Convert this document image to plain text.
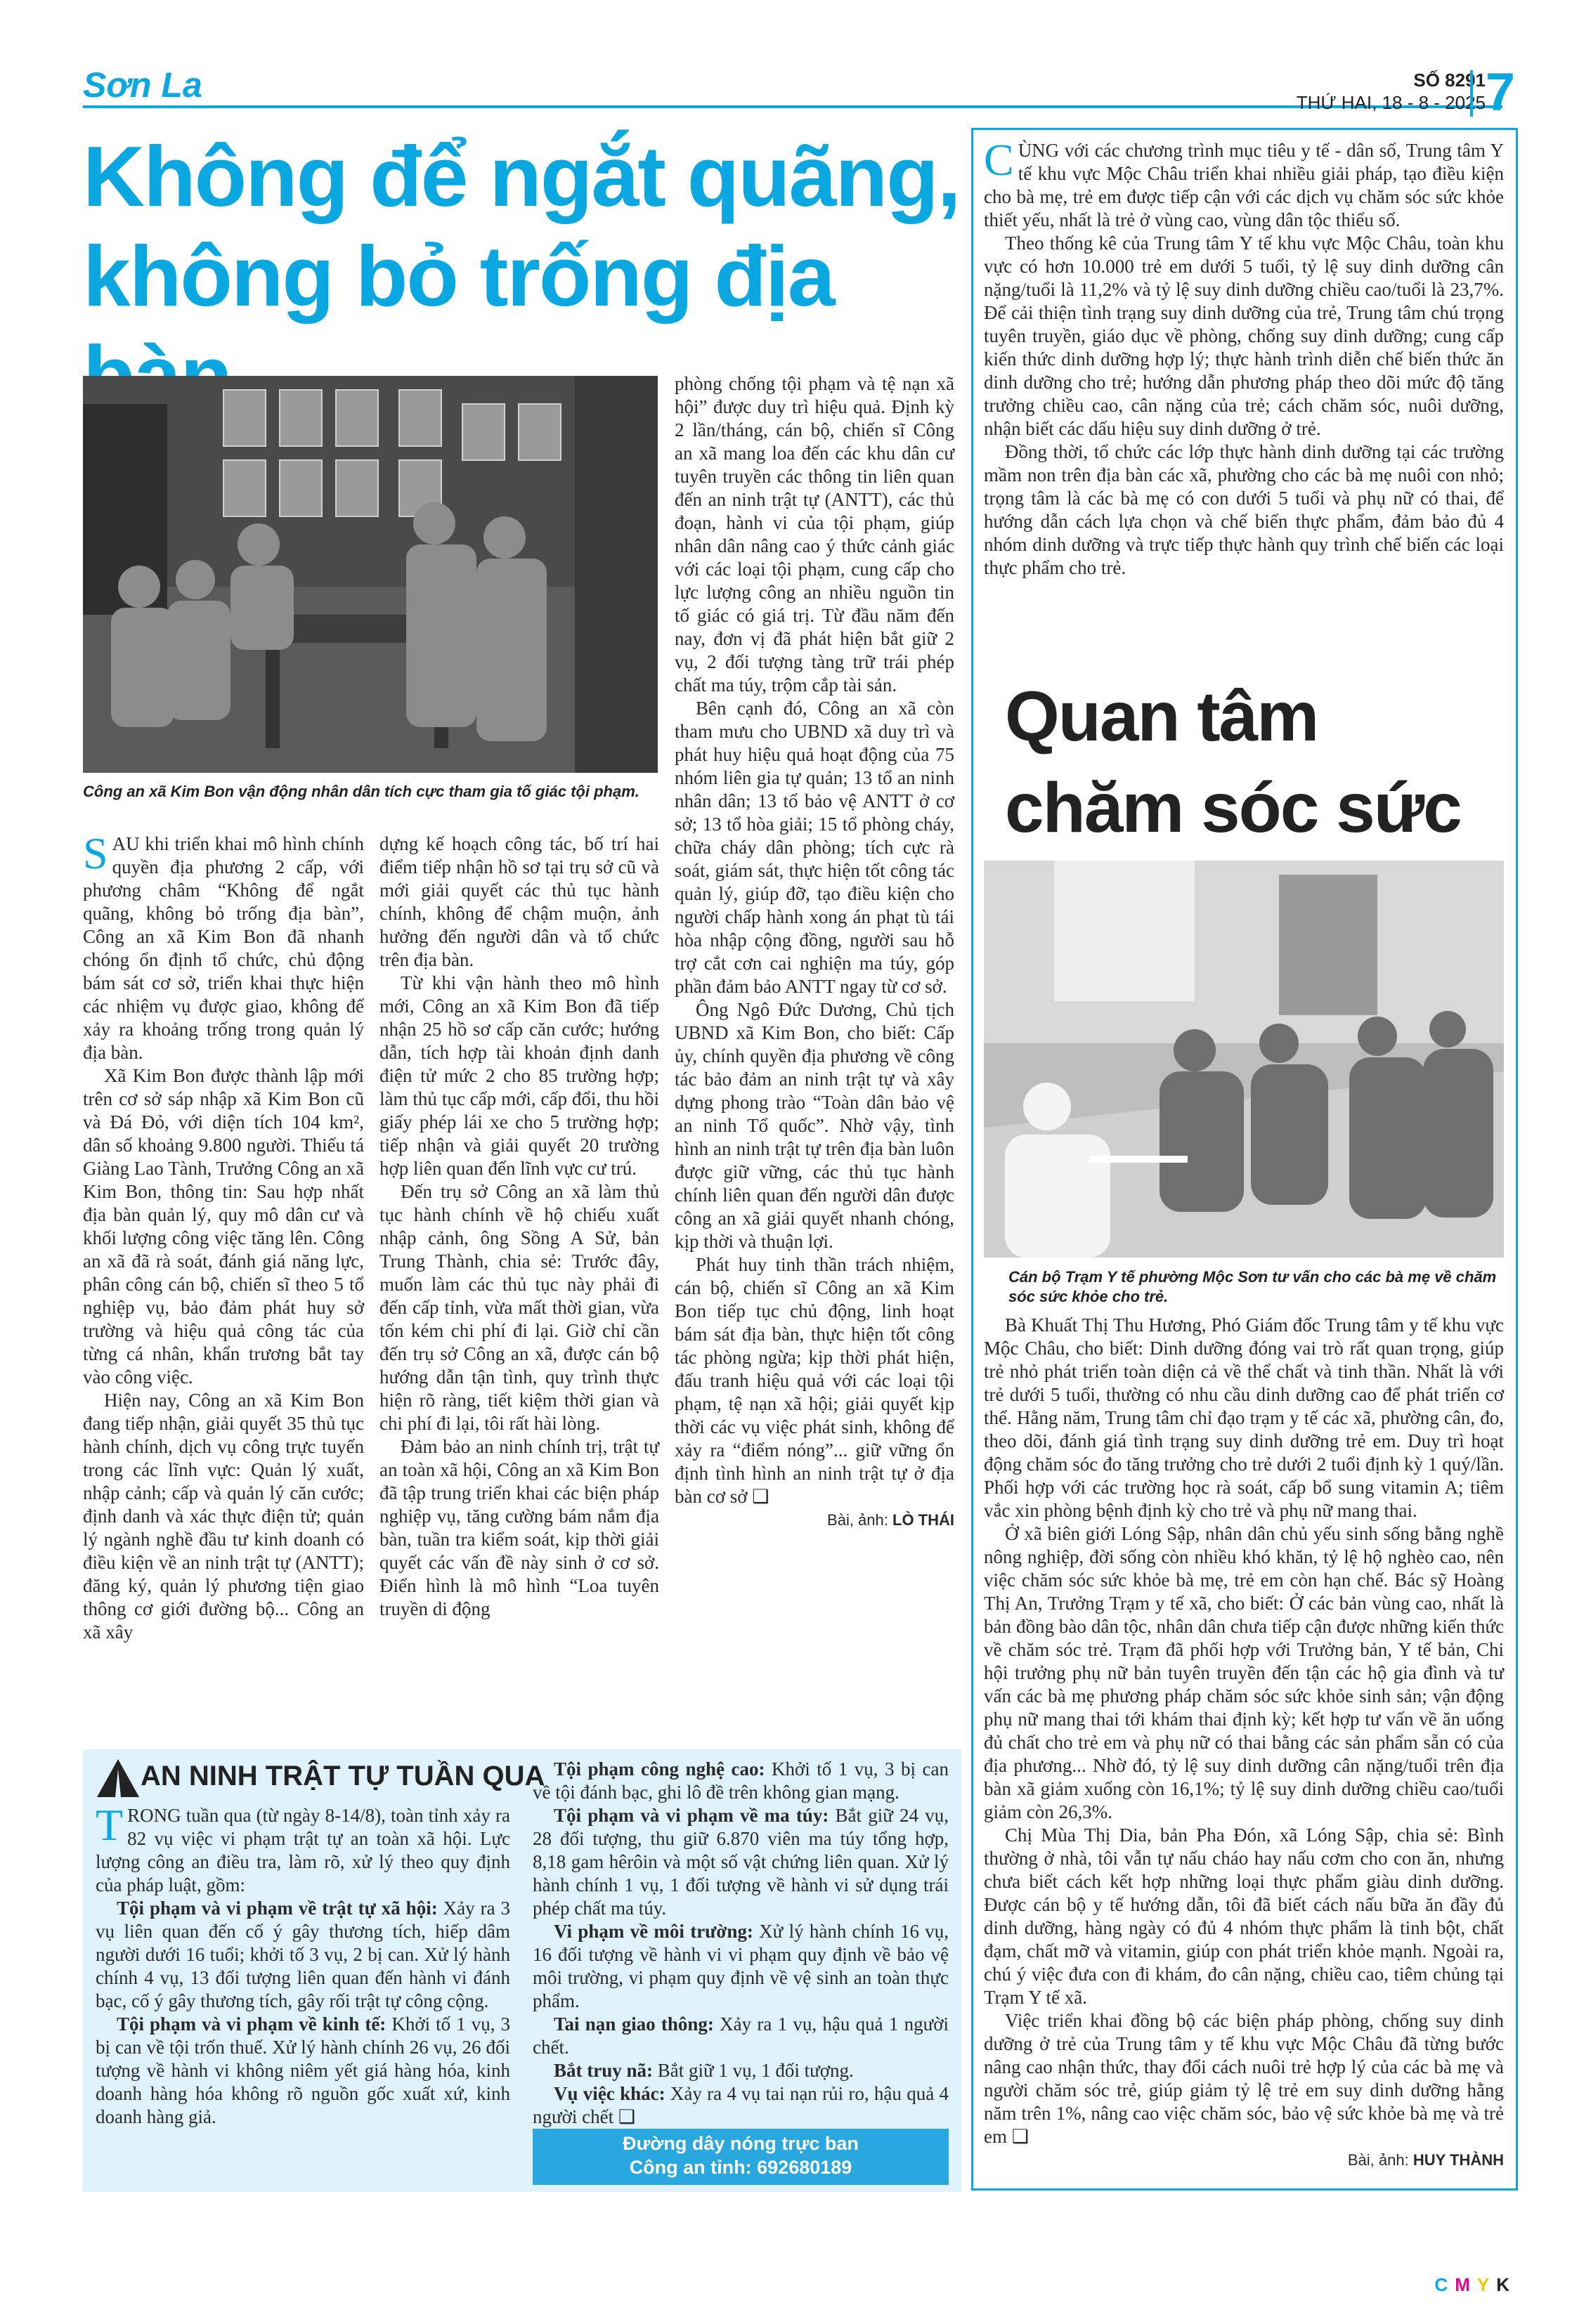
Sơn La	SỐ 8291
THỨ HAI, 18 - 8 - 2025 7
Không để ngắt quãng, không bỏ trống địa
Công an xã Kim Bon vận động nhân dân tích cực tham gia tố giác tội phạm.
S AU khi triển khai mô hình chính quyền địa phương 2 cấp, với phương châm “Không để ngắt quãng, không bỏ trống địa bàn”, Công an xã Kim Bon đã nhanh chóng ổn định tổ chức, chủ động bám sát cơ sở, triển khai thực hiện các nhiệm vụ được giao, không để xảy ra khoảng trống trong quản lý địa bàn.

Xã Kim Bon được thành lập mới trên cơ sở sáp nhập xã Kim Bon cũ và Đá Đỏ, với diện tích 104 km², dân số khoảng 9.800 người. Thiếu tá Giàng Lao Tành, Trưởng Công an xã Kim Bon, thông tin: Sau hợp nhất địa bàn quản lý, quy mô dân cư và khối lượng công việc tăng lên. Công an xã đã rà soát, đánh giá năng lực, phân công cán bộ, chiến sĩ theo 5 tổ nghiệp vụ, bảo đảm phát huy sở trường và hiệu quả công tác của từng cá nhân, khẩn trương bắt tay vào công việc.

Hiện nay, Công an xã Kim Bon đang tiếp nhận, giải quyết 35 thủ tục hành chính, dịch vụ công trực tuyến trong các lĩnh vực: Quản lý xuất, nhập cảnh; cấp và quản lý căn cước; định danh và xác thực điện tử; quản lý ngành nghề đầu tư kinh doanh có điều kiện về an ninh trật tự (ANTT); đăng ký, quản lý phương tiện giao thông cơ giới đường bộ... Công an xã xây

dựng kế hoạch công tác, bố trí hai điểm tiếp nhận hồ sơ tại trụ sở cũ và mới giải quyết các thủ tục hành chính, không để chậm muộn, ảnh hưởng đến người dân và tổ chức trên địa bàn.

Từ khi vận hành theo mô hình mới, Công an xã Kim Bon đã tiếp nhận 25 hồ sơ cấp căn cước; hướng dẫn, tích hợp tài khoản định danh điện tử mức 2 cho 85 trường hợp; làm thủ tục cấp mới, cấp đổi, thu hồi giấy phép lái xe cho 5 trường hợp; tiếp nhận và giải quyết 20 trường hợp liên quan đến lĩnh vực cư trú.

Đến trụ sở Công an xã làm thủ tục hành chính về hộ chiếu xuất nhập cảnh, ông Sồng A Sử, bản Trung Thành, chia sẻ: Trước đây, muốn làm các thủ tục này phải đi đến cấp tỉnh, vừa mất thời gian, vừa tốn kém chi phí đi lại. Giờ chỉ cần đến trụ sở Công an xã, được cán bộ hướng dẫn tận tình, quy trình thực hiện rõ ràng, tiết kiệm thời gian và chi phí đi lại, tôi rất hài lòng.

Đảm bảo an ninh chính trị, trật tự an toàn xã hội, Công an xã Kim Bon đã tập trung triển khai các biện pháp nghiệp vụ, tăng cường bám nắm địa bàn, tuần tra kiểm soát, kịp thời giải quyết các vấn đề này sinh ở cơ sở. Điển hình là mô hình “Loa tuyên truyền di động

phòng chống tội phạm và tệ nạn xã hội” được duy trì hiệu quả. Định kỳ 2 lần/tháng, cán bộ, chiến sĩ Công an xã mang loa đến các khu dân cư tuyên truyền các thông tin liên quan đến an ninh trật tự (ANTT), các thủ đoạn, hành vi của tội phạm, giúp nhân dân nâng cao ý thức cảnh giác với các loại tội phạm, cung cấp cho lực lượng công an nhiều nguồn tin tố giác có giá trị. Từ đầu năm đến nay, đơn vị đã phát hiện bắt giữ 2 vụ, 2 đối tượng tàng trữ trái phép chất ma túy, trộm cắp tài sản.

Bên cạnh đó, Công an xã còn tham mưu cho UBND xã duy trì và phát huy hiệu quả hoạt động của 75 nhóm liên gia tự quản; 13 tổ an ninh nhân dân; 13 tổ bảo vệ ANTT ở cơ sở; 13 tổ hòa giải; 15 tổ phòng cháy, chữa cháy dân phòng; tích cực rà soát, giám sát, thực hiện tốt công tác quản lý, giúp đỡ, tạo điều kiện cho người chấp hành xong án phạt tù tái hòa nhập cộng đồng, người sau hỗ trợ cắt cơn cai nghiện ma túy, góp phần đảm bảo ANTT ngay từ cơ sở.

Ông Ngô Đức Dương, Chủ tịch UBND xã Kim Bon, cho biết: Cấp ủy, chính quyền địa phương về công tác bảo đảm an ninh trật tự và xây dựng phong trào “Toàn dân bảo vệ an ninh Tổ quốc”. Nhờ vậy, tình hình an ninh trật tự trên địa bàn luôn được giữ vững, các thủ tục hành chính liên quan đến người dân được công an xã giải quyết nhanh chóng, kịp thời và thuận lợi.

Phát huy tinh thần trách nhiệm, cán bộ, chiến sĩ Công an xã Kim Bon tiếp tục chủ động, linh hoạt bám sát địa bàn, thực hiện tốt công tác phòng ngừa; kịp thời phát hiện, đấu tranh hiệu quả với các loại tội phạm, tệ nạn xã hội; giải quyết kịp thời các vụ việc phát sinh, không để xảy ra “điểm nóng”... giữ vững ổn định tình hình an ninh trật tự ở địa bàn cơ sở ❑

Bài, ảnh: LÒ THÁI
AN NINH TRẬT TỰ TUẦN QUA
T RONG tuần qua (từ ngày 8-14/8), toàn tỉnh xảy ra 82 vụ việc vi phạm trật tự an toàn xã hội. Lực lượng công an điều tra, làm rõ, xử lý theo quy định của pháp luật, gồm:

Tội phạm và vi phạm về trật tự xã hội: Xảy ra 3 vụ liên quan đến cố ý gây thương tích, hiếp dâm người dưới 16 tuổi; khởi tố 3 vụ, 2 bị can. Xử lý hành chính 4 vụ, 13 đối tượng liên quan đến hành vi đánh bạc, cố ý gây thương tích, gây rối trật tự công cộng.

Tội phạm và vi phạm về kinh tế: Khởi tố 1 vụ, 3 bị can về tội trốn thuế. Xử lý hành chính 26 vụ, 26 đối tượng về hành vi không niêm yết giá hàng hóa, kinh doanh hàng hóa không rõ nguồn gốc xuất xứ, kinh doanh hàng giả.

Tội phạm công nghệ cao: Khởi tố 1 vụ, 3 bị can về tội đánh bạc, ghi lô đề trên không gian mạng.

Tội phạm và vi phạm về ma túy: Bắt giữ 24 vụ, 28 đối tượng, thu giữ 6.870 viên ma túy tổng hợp, 8,18 gam hêrôin và một số vật chứng liên quan. Xử lý hành chính 1 vụ, 1 đối tượng về hành vi sử dụng trái phép chất ma túy.

Vi phạm về môi trường: Xử lý hành chính 16 vụ, 16 đối tượng về hành vi vi phạm quy định về bảo vệ môi trường, vi phạm quy định về vệ sinh an toàn thực phẩm.

Tai nạn giao thông: Xảy ra 1 vụ, hậu quả 1 người chết.

Bắt truy nã: Bắt giữ 1 vụ, 1 đối tượng.

Vụ việc khác: Xảy ra 4 vụ tai nạn rủi ro, hậu quả 4 người chết ❑

Đường dây nóng trực ban
Công an tỉnh: 692680189
C ÙNG với các chương trình mục tiêu y tế - dân số, Trung tâm Y tế khu vực Mộc Châu triển khai nhiều giải pháp, tạo điều kiện cho bà mẹ, trẻ em được tiếp cận với các dịch vụ chăm sóc sức khỏe thiết yếu, nhất là trẻ ở vùng cao, vùng dân tộc thiểu số.

Theo thống kê của Trung tâm Y tế khu vực Mộc Châu, toàn khu vực có hơn 10.000 trẻ em dưới 5 tuổi, tỷ lệ suy dinh dưỡng cân nặng/tuổi là 11,2% và tỷ lệ suy dinh dưỡng chiều cao/tuổi là 23,7%. Để cải thiện tình trạng suy dinh dưỡng của trẻ, Trung tâm chú trọng tuyên truyền, giáo dục về phòng, chống suy dinh dưỡng; cung cấp kiến thức dinh dưỡng hợp lý; thực hành trình diễn chế biến thức ăn dinh dưỡng cho trẻ; hướng dẫn phương pháp theo dõi mức độ tăng trưởng chiều cao, cân nặng của trẻ; cách chăm sóc, nuôi dưỡng, nhận biết các dấu hiệu suy dinh dưỡng ở trẻ.

Đồng thời, tổ chức các lớp thực hành dinh dưỡng tại các trường mầm non trên địa bàn các xã, phường cho các bà mẹ nuôi con nhỏ; trọng tâm là các bà mẹ có con dưới 5 tuổi và phụ nữ có thai, để hướng dẫn cách lựa chọn và chế biến thực phẩm, đảm bảo đủ 4 nhóm dinh dưỡng và trực tiếp thực hành quy trình chế biến các loại thực phẩm cho trẻ.

Quan tâm chăm sóc sức
Cán bộ Trạm Y tế phường Mộc Sơn tư vấn cho các bà mẹ về chăm sóc sức khỏe cho trẻ.

Bà Khuất Thị Thu Hương, Phó Giám đốc Trung tâm y tế khu vực Mộc Châu, cho biết: Dinh dưỡng đóng vai trò rất quan trọng, giúp trẻ nhỏ phát triển toàn diện cả về thể chất và tinh thần. Nhất là với trẻ dưới 5 tuổi, thường có nhu cầu dinh dưỡng cao để phát triển cơ thể. Hằng năm, Trung tâm chỉ đạo trạm y tế các xã, phường cân, đo, theo dõi, đánh giá tình trạng suy dinh dưỡng trẻ em. Duy trì hoạt động chăm sóc đo tăng trưởng cho trẻ dưới 2 tuổi định kỳ 1 quý/lần. Phối hợp với các trường học rà soát, cấp bổ sung vitamin A; tiêm vắc xin phòng bệnh định kỳ cho trẻ và phụ nữ mang thai.

Ở xã biên giới Lóng Sập, nhân dân chủ yếu sinh sống bằng nghề nông nghiệp, đời sống còn nhiều khó khăn, tỷ lệ hộ nghèo cao, nên việc chăm sóc sức khỏe bà mẹ, trẻ em còn hạn chế. Bác sỹ Hoàng Thị An, Trưởng Trạm y tế xã, cho biết: Ở các bản vùng cao, nhất là bản đồng bào dân tộc, nhân dân chưa tiếp cận được những kiến thức về chăm sóc trẻ. Trạm đã phối hợp với Trưởng bản, Y tế bản, Chi hội trưởng phụ nữ bản tuyên truyền đến tận các hộ gia đình và tư vấn các bà mẹ phương pháp chăm sóc sức khỏe sinh sản; vận động phụ nữ mang thai tới khám thai định kỳ; kết hợp tư vấn về ăn uống đủ chất cho trẻ em và phụ nữ có thai bằng các sản phẩm sẵn có của địa phương... Nhờ đó, tỷ lệ suy dinh dưỡng cân nặng/tuổi trên địa bàn xã giảm xuống còn 16,1%; tỷ lệ suy dinh dưỡng chiều cao/tuổi giảm còn 26,3%.

Chị Mùa Thị Dia, bản Pha Đón, xã Lóng Sập, chia sẻ: Bình thường ở nhà, tôi vẫn tự nấu cháo hay nấu cơm cho con ăn, nhưng chưa biết cách kết hợp những loại thực phẩm giàu dinh dưỡng. Được cán bộ y tế hướng dẫn, tôi đã biết cách nấu bữa ăn đầy đủ dinh dưỡng, hàng ngày có đủ 4 nhóm thực phẩm là tinh bột, chất đạm, chất mỡ và vitamin, giúp con phát triển khỏe mạnh. Ngoài ra, chú ý việc đưa con đi khám, đo cân nặng, chiều cao, tiêm chủng tại Trạm Y tế xã.

Việc triển khai đồng bộ các biện pháp phòng, chống suy dinh dưỡng ở trẻ của Trung tâm y tế khu vực Mộc Châu đã từng bước nâng cao nhận thức, thay đổi cách nuôi trẻ hợp lý của các bà mẹ và người chăm sóc trẻ, giúp giảm tỷ lệ trẻ em suy dinh dưỡng hằng năm trên 1%, nâng cao việc chăm sóc, bảo vệ sức khỏe bà mẹ và trẻ em ❑

Bài, ảnh: HUY THÀNH
CMYK
